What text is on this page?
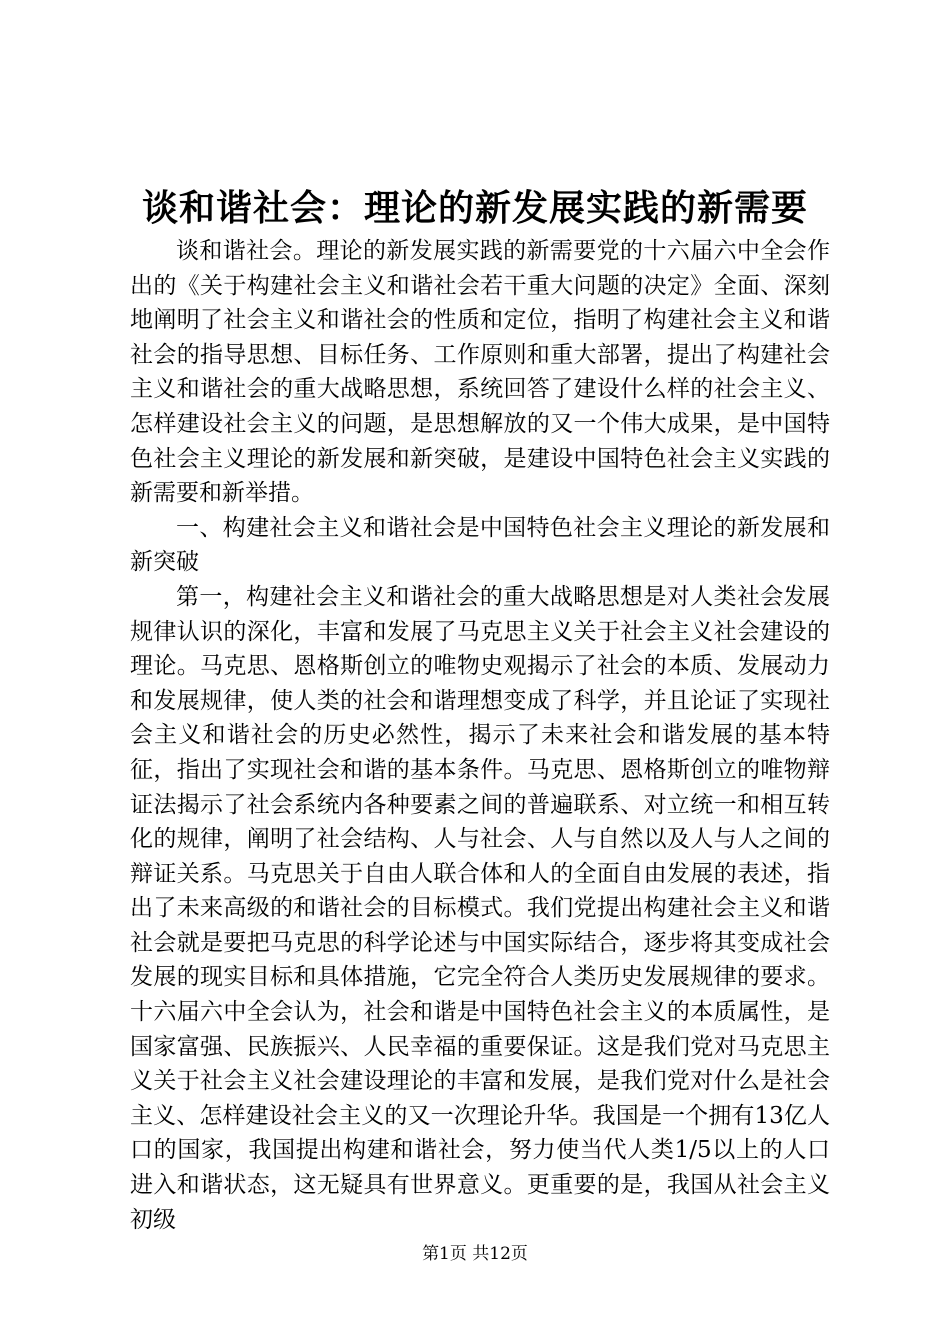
谈和谐社会：理论的新发展实践的新需要

谈和谐社会。理论的新发展实践的新需要党的十六届六中全会作出的《关于构建社会主义和谐社会若干重大问题的决定》全面、深刻地阐明了社会主义和谐社会的性质和定位，指明了构建社会主义和谐社会的指导思想、目标任务、工作原则和重大部署，提出了构建社会主义和谐社会的重大战略思想，系统回答了建设什么样的社会主义、怎样建设社会主义的问题，是思想解放的又一个伟大成果，是中国特色社会主义理论的新发展和新突破，是建设中国特色社会主义实践的新需要和新举措。

一、构建社会主义和谐社会是中国特色社会主义理论的新发展和新突破

第一，构建社会主义和谐社会的重大战略思想是对人类社会发展规律认识的深化，丰富和发展了马克思主义关于社会主义社会建设的理论。马克思、恩格斯创立的唯物史观揭示了社会的本质、发展动力和发展规律，使人类的社会和谐理想变成了科学，并且论证了实现社会主义和谐社会的历史必然性，揭示了未来社会和谐发展的基本特征，指出了实现社会和谐的基本条件。马克思、恩格斯创立的唯物辩证法揭示了社会系统内各种要素之间的普遍联系、对立统一和相互转化的规律，阐明了社会结构、人与社会、人与自然以及人与人之间的辩证关系。马克思关于自由人联合体和人的全面自由发展的表述，指出了未来高级的和谐社会的目标模式。我们党提出构建社会主义和谐社会就是要把马克思的科学论述与中国实际结合，逐步将其变成社会发展的现实目标和具体措施，它完全符合人类历史发展规律的要求。十六届六中全会认为，社会和谐是中国特色社会主义的本质属性，是国家富强、民族振兴、人民幸福的重要保证。这是我们党对马克思主义关于社会主义社会建设理论的丰富和发展，是我们党对什么是社会主义、怎样建设社会主义的又一次理论升华。我国是一个拥有13亿人口的国家，我国提出构建和谐社会，努力使当代人类1/5以上的人口进入和谐状态，这无疑具有世界意义。更重要的是，我国从社会主义初级

第1页 共12页
